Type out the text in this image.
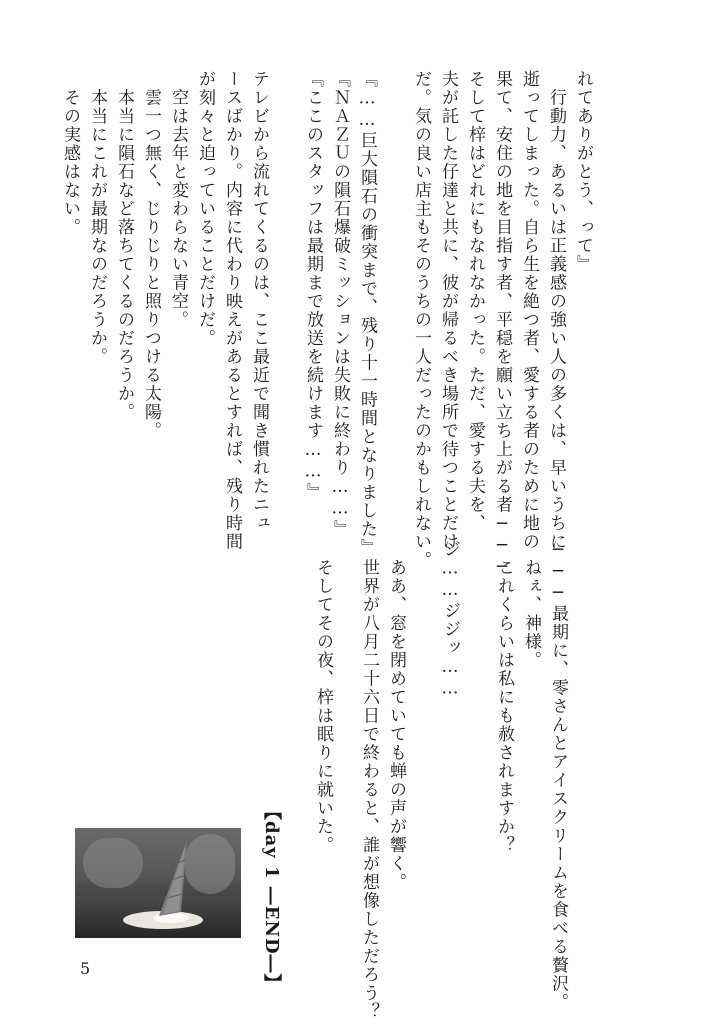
れてありがとう、って』
　行動力、あるいは正義感の強い人の多くは、早いうちに
逝ってしまった。自ら生を絶つ者、愛する者のために地の
果て、安住の地を目指す者、平穏を願い立ち上がる者───
そして梓はどれにもなれなかった。ただ、愛する夫を、
夫が託した仔達と共に、彼が帰るべき場所で待つことだけ
だ。気の良い店主もそのうちの一人だったのかもしれない。
『……巨大隕石の衝突まで、残り十一時間となりました』
『ＮＡＺＵの隕石爆破ミッションは失敗に終わり……』
『ここのスタッフは最期まで放送を続けます……』
テレビから流れてくるのは、ここ最近で聞き慣れたニュ
ースばかり。内容に代わり映えがあるとすれば、残り時間
が刻々と迫っていることだけだ。
　空は去年と変わらない青空。
　雲一つ無く、じりじりと照りつける太陽。
　本当に隕石など落ちてくるのだろうか。
　本当にこれが最期なのだろうか。
　その実感はない。
───最期に、零さんとアイスクリームを食べる贅沢。
　ねぇ、神様。
　これくらいは私にも赦されますか？
ジ……ジジッ……
　ああ、窓を閉めていても蝉の声が響く。
　世界が八月二十六日で終わると、誰が想像しただろう？
　そしてその夜、梓は眠りに就いた。
【day 1 ―END―】
5
